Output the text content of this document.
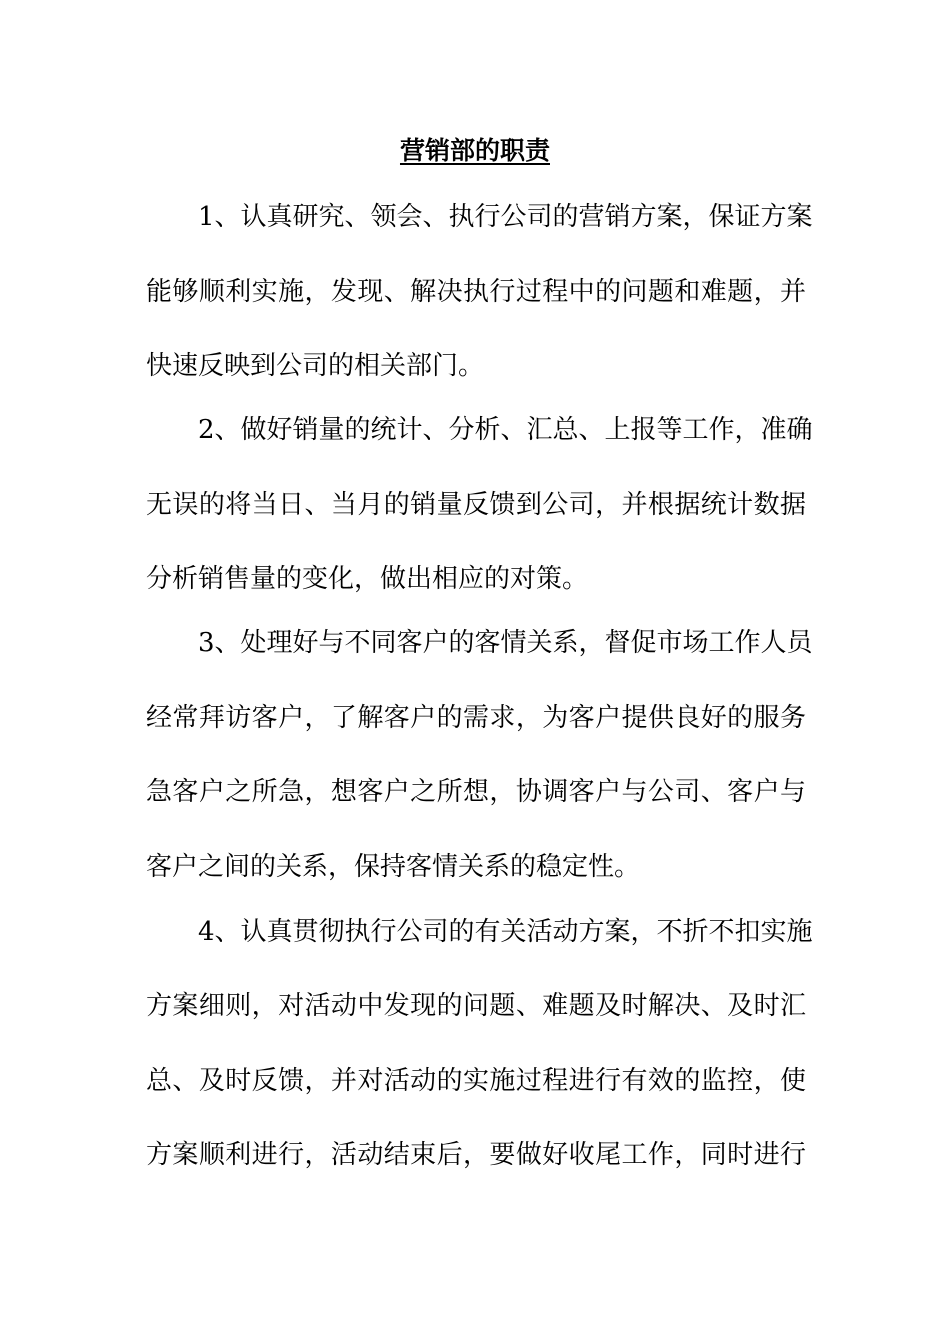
营销部的职责
1、认真研究、领会、执行公司的营销方案，保证方案
能够顺利实施，发现、解决执行过程中的问题和难题，并
快速反映到公司的相关部门。
2、做好销量的统计、分析、汇总、上报等工作，准确
无误的将当日、当月的销量反馈到公司，并根据统计数据
分析销售量的变化，做出相应的对策。
3、处理好与不同客户的客情关系，督促市场工作人员
经常拜访客户，了解客户的需求，为客户提供良好的服务
急客户之所急，想客户之所想，协调客户与公司、客户与
客户之间的关系，保持客情关系的稳定性。
4、认真贯彻执行公司的有关活动方案，不折不扣实施
方案细则，对活动中发现的问题、难题及时解决、及时汇
总、及时反馈，并对活动的实施过程进行有效的监控，使
方案顺利进行，活动结束后，要做好收尾工作，同时进行
